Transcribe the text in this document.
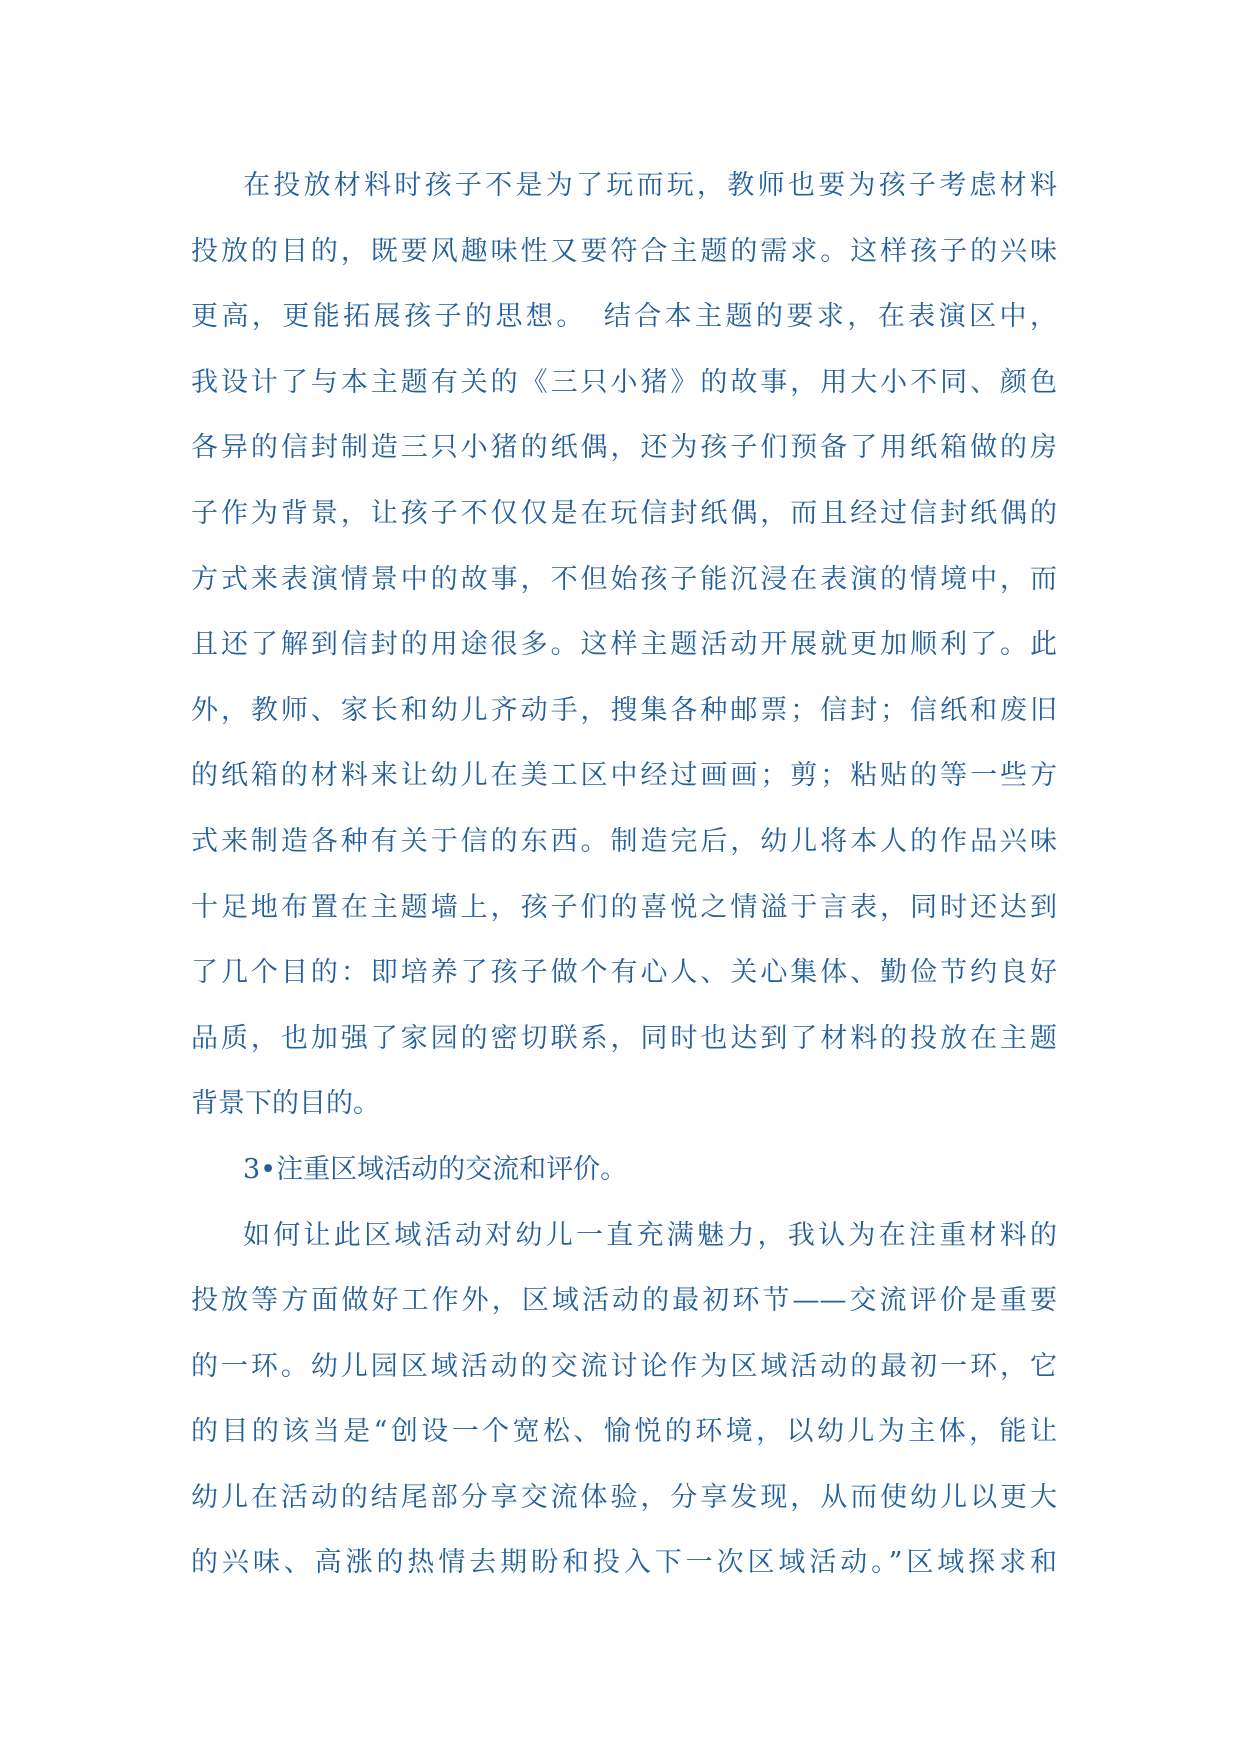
在投放材料时孩子不是为了玩而玩，教师也要为孩子考虑材料
投放的目的，既要风趣味性又要符合主题的需求。这样孩子的兴味
更高，更能拓展孩子的思想。　结合本主题的要求，在表演区中，
我设计了与本主题有关的《三只小猪》的故事，用大小不同、颜色
各异的信封制造三只小猪的纸偶，还为孩子们预备了用纸箱做的房
子作为背景，让孩子不仅仅是在玩信封纸偶，而且经过信封纸偶的
方式来表演情景中的故事，不但始孩子能沉浸在表演的情境中，而
且还了解到信封的用途很多。这样主题活动开展就更加顺利了。此
外，教师、家长和幼儿齐动手，搜集各种邮票；信封；信纸和废旧
的纸箱的材料来让幼儿在美工区中经过画画；剪；粘贴的等一些方
式来制造各种有关于信的东西。制造完后，幼儿将本人的作品兴味
十足地布置在主题墙上，孩子们的喜悦之情溢于言表，同时还达到
了几个目的：即培养了孩子做个有心人、关心集体、勤俭节约良好
品质，也加强了家园的密切联系，同时也达到了材料的投放在主题
背景下的目的。
3•注重区域活动的交流和评价。
如何让此区域活动对幼儿一直充满魅力，我认为在注重材料的
投放等方面做好工作外，区域活动的最初环节——交流评价是重要
的一环。幼儿园区域活动的交流讨论作为区域活动的最初一环，它
的目的该当是“创设一个宽松、愉悦的环境，以幼儿为主体，能让
幼儿在活动的结尾部分享交流体验，分享发现，从而使幼儿以更大
的兴味、高涨的热情去期盼和投入下一次区域活动。”区域探求和
